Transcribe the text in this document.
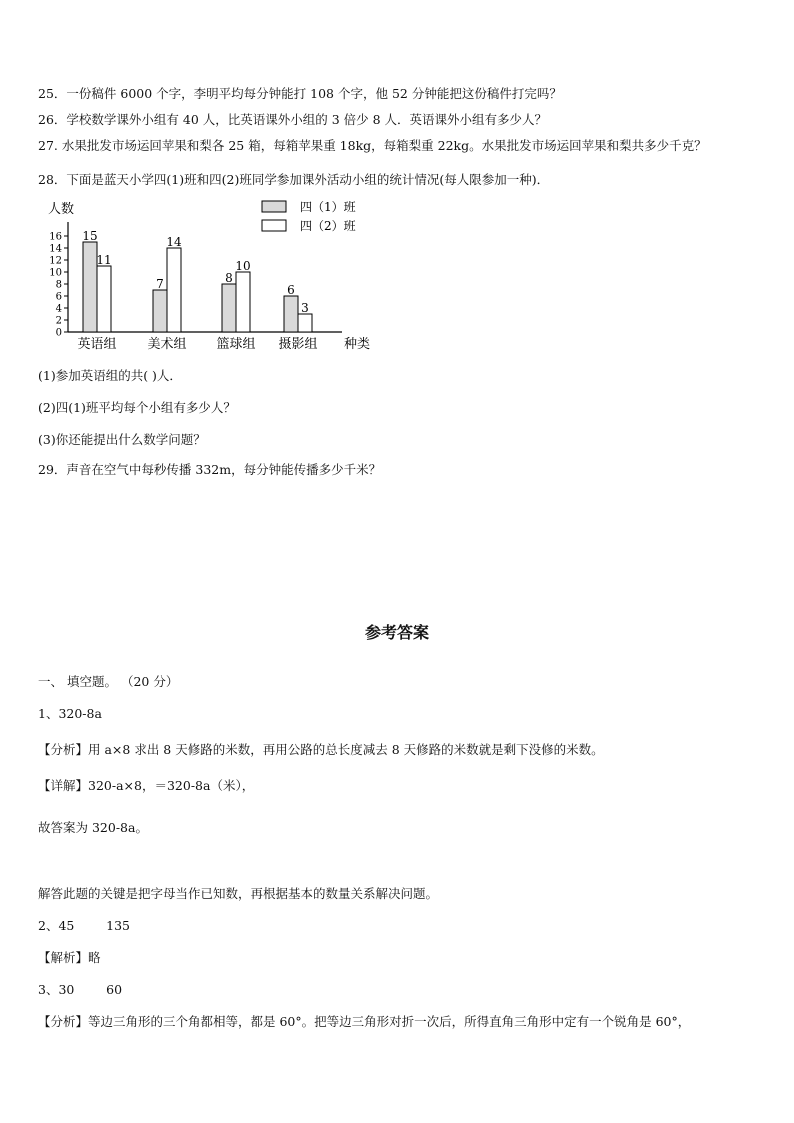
25．一份稿件 6000 个字，李明平均每分钟能打 108 个字，他 52 分钟能把这份稿件打完吗？
26．学校数学课外小组有 40 人，比英语课外小组的 3 倍少 8 人．英语课外小组有多少人？
27. 水果批发市场运回苹果和梨各 25 箱，每箱苹果重 18kg，每箱梨重 22kg。水果批发市场运回苹果和梨共多少千克？
28．下面是蓝天小学四(1)班和四(2)班同学参加课外活动小组的统计情况(每人限参加一种)．
人数
种类
0
2
4
6
8
10
12
14
16 15
11
英语组
7
14
美术组
8
10
篮球组
6
3
摄影组
四（1）班
四（2）班
(1)参加英语组的共( )人．
(2)四(1)班平均每个小组有多少人？
(3)你还能提出什么数学问题？
29．声音在空气中每秒传播 332m，每分钟能传播多少千米？
参考答案
一、 填空题。 （20 分）
1、320-8a
【分析】用 a×8 求出 8 天修路的米数，再用公路的总长度减去 8 天修路的米数就是剩下没修的米数。
【详解】320-a×8，＝320-8a（米），
故答案为 320-8a。
解答此题的关键是把字母当作已知数，再根据基本的数量关系解决问题。
2、45        135
【解析】略
3、30        60
【分析】等边三角形的三个角都相等，都是 60°。把等边三角形对折一次后，所得直角三角形中定有一个锐角是 60°，
